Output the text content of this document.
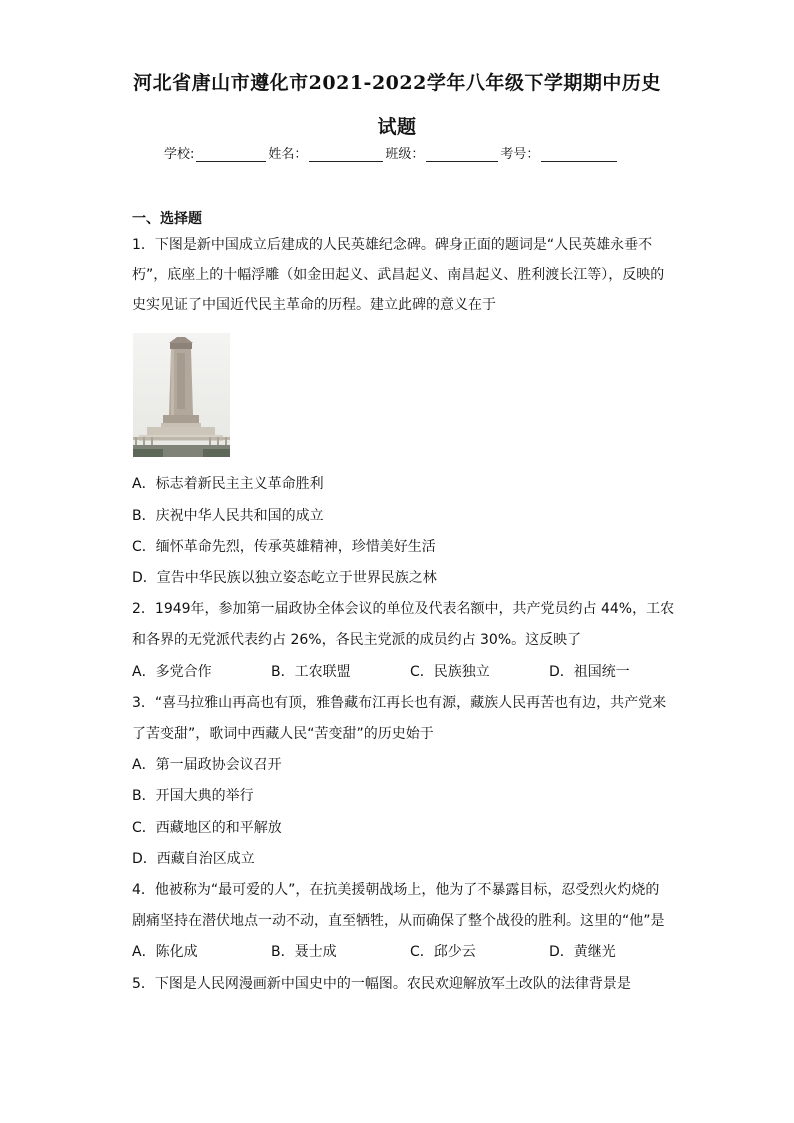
河北省唐山市遵化市2021-2022学年八年级下学期期中历史
试题
学校:	姓名：	班级：	考号：
一、选择题
1．下图是新中国成立后建成的人民英雄纪念碑。碑身正面的题词是“人民英雄永垂不
朽”，底座上的十幅浮雕（如金田起义、武昌起义、南昌起义、胜利渡长江等），反映的
史实见证了中国近代民主革命的历程。建立此碑的意义在于
A．标志着新民主主义革命胜利
B．庆祝中华人民共和国的成立
C．缅怀革命先烈，传承英雄精神，珍惜美好生活
D．宣告中华民族以独立姿态屹立于世界民族之林
2．1949年，参加第一届政协全体会议的单位及代表名额中，共产党员约占 44%，工农
和各界的无党派代表约占 26%，各民主党派的成员约占 30%。这反映了
A．多党合作	B．工农联盟	C．民族独立	D．祖国统一
3．“喜马拉雅山再高也有顶，雅鲁藏布江再长也有源，藏族人民再苦也有边，共产党来
了苦变甜”，歌词中西藏人民“苦变甜”的历史始于
A．第一届政协会议召开
B．开国大典的举行
C．西藏地区的和平解放
D．西藏自治区成立
4．他被称为“最可爱的人”，在抗美援朝战场上，他为了不暴露目标，忍受烈火灼烧的
剧痛坚持在潜伏地点一动不动，直至牺牲，从而确保了整个战役的胜利。这里的“他”是
A．陈化成	B．聂士成	C．邱少云	D．黄继光
5．下图是人民网漫画新中国史中的一幅图。农民欢迎解放军土改队的法律背景是
